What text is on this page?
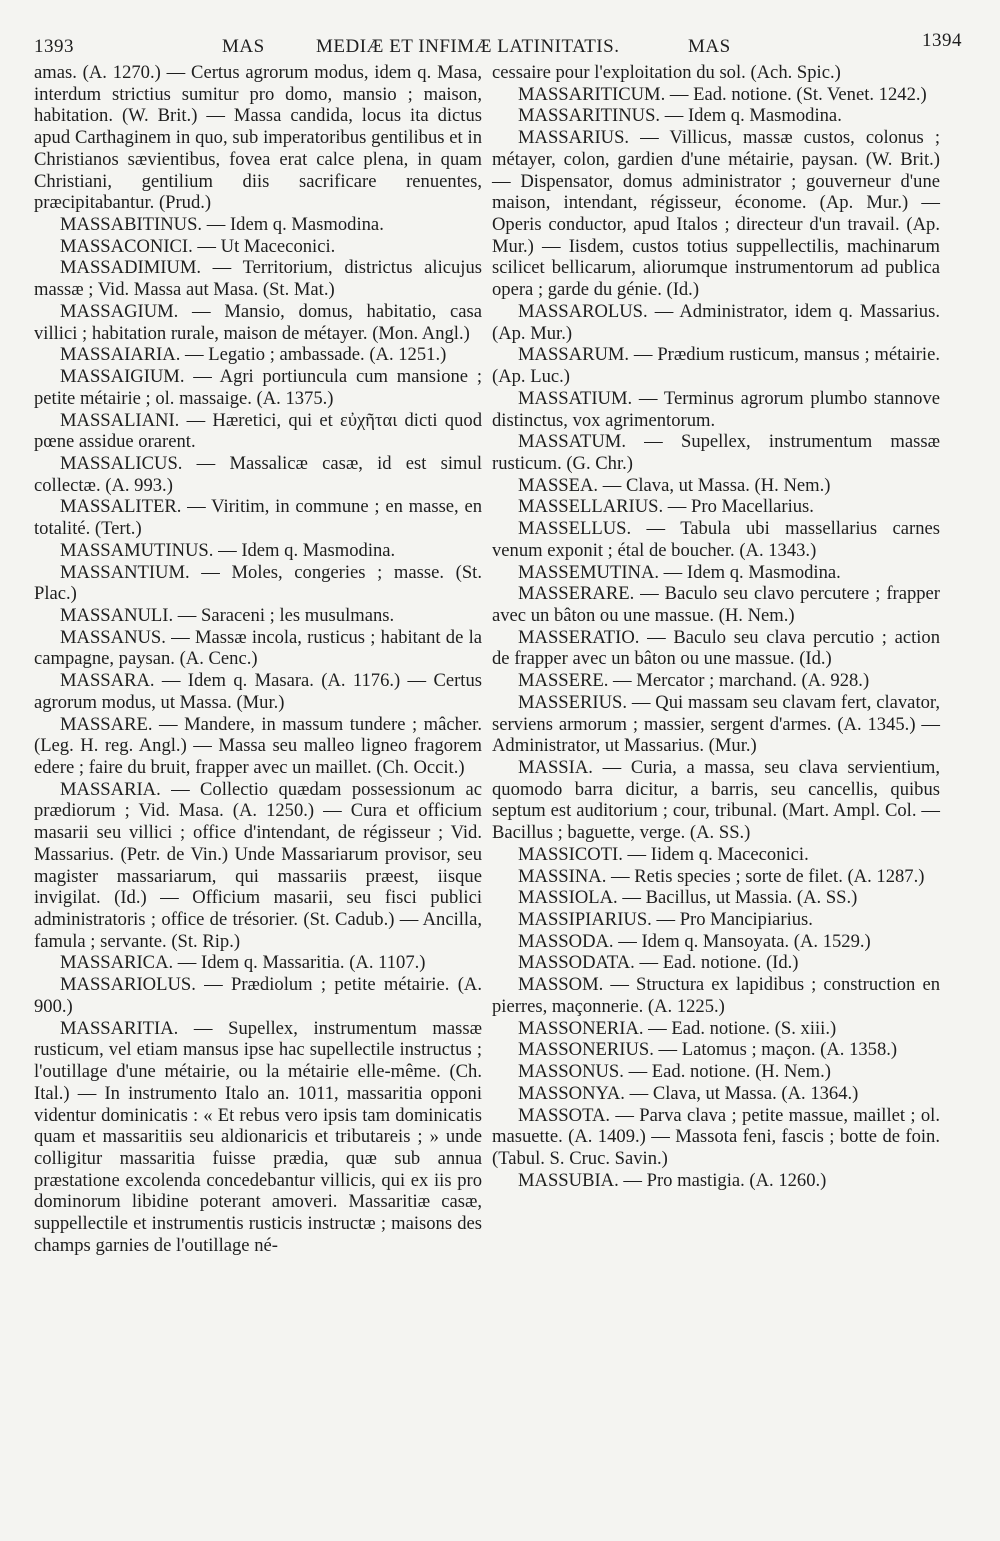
1393	MAS	MEDIÆ ET INFIMÆ LATINITATIS.	MAS	1394

amas. (A. 1270.) — Certus agrorum modus, idem q. Masa, interdum strictius sumitur pro domo, mansio ; maison, habitation. (W. Brit.) — Massa candida, locus ita dictus apud Carthaginem in quo, sub imperatoribus gentilibus et in Christianos sævientibus, fovea erat calce plena, in quam Christiani, gentilium diis sacrificare renuentes, præcipitabantur. (Prud.)

MASSABITINUS. — Idem q. Masmodina.

MASSACONICI. — Ut Maceconici.

MASSADIMIUM. — Territorium, districtus alicujus massæ ; Vid. Massa aut Masa. (St. Mat.)

MASSAGIUM. — Mansio, domus, habitatio, casa villici ; habitation rurale, maison de métayer. (Mon. Angl.)

MASSAIARIA. — Legatio ; ambassade. (A. 1251.)

MASSAIGIUM. — Agri portiuncula cum mansione ; petite métairie ; ol. massaige. (A. 1375.)

MASSALIANI. — Hæretici, qui et εὐχῆται dicti quod pœne assidue orarent.

MASSALICUS. — Massalicæ casæ, id est simul collectæ. (A. 993.)

MASSALITER. — Viritim, in commune ; en masse, en totalité. (Tert.)

MASSAMUTINUS. — Idem q. Masmodina.

MASSANTIUM. — Moles, congeries ; masse. (St. Plac.)

MASSANULI. — Saraceni ; les musulmans.

MASSANUS. — Massæ incola, rusticus ; habitant de la campagne, paysan. (A. Cenc.)

MASSARA. — Idem q. Masara. (A. 1176.) — Certus agrorum modus, ut Massa. (Mur.)

MASSARE. — Mandere, in massum tundere ; mâcher. (Leg. H. reg. Angl.) — Massa seu malleo ligneo fragorem edere ; faire du bruit, frapper avec un maillet. (Ch. Occit.)

MASSARIA. — Collectio quædam possessionum ac prædiorum ; Vid. Masa. (A. 1250.) — Cura et officium masarii seu villici ; office d'intendant, de régisseur ; Vid. Massarius. (Petr. de Vin.) Unde Massariarum provisor, seu magister massariarum, qui massariis præest, iisque invigilat. (Id.) — Officium masarii, seu fisci publici administratoris ; office de trésorier. (St. Cadub.) — Ancilla, famula ; servante. (St. Rip.)

MASSARICA. — Idem q. Massaritia. (A. 1107.)

MASSARIOLUS. — Prædiolum ; petite métairie. (A. 900.)

MASSARITIA. — Supellex, instrumentum massæ rusticum, vel etiam mansus ipse hac supellectile instructus ; l'outillage d'une métairie, ou la métairie elle-même. (Ch. Ital.) — In instrumento Italo an. 1011, massaritia opponi videntur dominicatis : « Et rebus vero ipsis tam dominicatis quam et massaritiis seu aldionaricis et tributareis ; » unde colligitur massaritia fuisse prædia, quæ sub annua præstatione excolenda concedebantur villicis, qui ex iis pro dominorum libidine poterant amoveri. Massaritiæ casæ, suppellectile et instrumentis rusticis instructæ ; maisons des champs garnies de l'outillage né-

cessaire pour l'exploitation du sol. (Ach. Spic.)

MASSARITICUM. — Ead. notione. (St. Venet. 1242.)

MASSARITINUS. — Idem q. Masmodina.

MASSARIUS. — Villicus, massæ custos, colonus ; métayer, colon, gardien d'une métairie, paysan. (W. Brit.) — Dispensator, domus administrator ; gouverneur d'une maison, intendant, régisseur, économe. (Ap. Mur.) — Operis conductor, apud Italos ; directeur d'un travail. (Ap. Mur.) — Iisdem, custos totius suppellectilis, machinarum scilicet bellicarum, aliorumque instrumentorum ad publica opera ; garde du génie. (Id.)

MASSAROLUS. — Administrator, idem q. Massarius. (Ap. Mur.)

MASSARUM. — Prædium rusticum, mansus ; métairie. (Ap. Luc.)

MASSATIUM. — Terminus agrorum plumbo stannove distinctus, vox agrimentorum.

MASSATUM. — Supellex, instrumentum massæ rusticum. (G. Chr.)

MASSEA. — Clava, ut Massa. (H. Nem.)

MASSELLARIUS. — Pro Macellarius.

MASSELLUS. — Tabula ubi massellarius carnes venum exponit ; étal de boucher. (A. 1343.)

MASSEMUTINA. — Idem q. Masmodina.

MASSERARE. — Baculo seu clavo percutere ; frapper avec un bâton ou une massue. (H. Nem.)

MASSERATIO. — Baculo seu clava percutio ; action de frapper avec un bâton ou une massue. (Id.)

MASSERE. — Mercator ; marchand. (A. 928.)

MASSERIUS. — Qui massam seu clavam fert, clavator, serviens armorum ; massier, sergent d'armes. (A. 1345.) — Administrator, ut Massarius. (Mur.)

MASSIA. — Curia, a massa, seu clava servientium, quomodo barra dicitur, a barris, seu cancellis, quibus septum est auditorium ; cour, tribunal. (Mart. Ampl. Col. — Bacillus ; baguette, verge. (A. SS.)

MASSICOTI. — Iidem q. Maceconici.

MASSINA. — Retis species ; sorte de filet. (A. 1287.)

MASSIOLA. — Bacillus, ut Massia. (A. SS.)

MASSIPIARIUS. — Pro Mancipiarius.

MASSODA. — Idem q. Mansoyata. (A. 1529.)

MASSODATA. — Ead. notione. (Id.)

MASSOM. — Structura ex lapidibus ; construction en pierres, maçonnerie. (A. 1225.)

MASSONERIA. — Ead. notione. (S. xiii.)

MASSONERIUS. — Latomus ; maçon. (A. 1358.)

MASSONUS. — Ead. notione. (H. Nem.)

MASSONYA. — Clava, ut Massa. (A. 1364.)

MASSOTA. — Parva clava ; petite massue, maillet ; ol. masuette. (A. 1409.) — Massota feni, fascis ; botte de foin. (Tabul. S. Cruc. Savin.)

MASSUBIA. — Pro mastigia. (A. 1260.)
